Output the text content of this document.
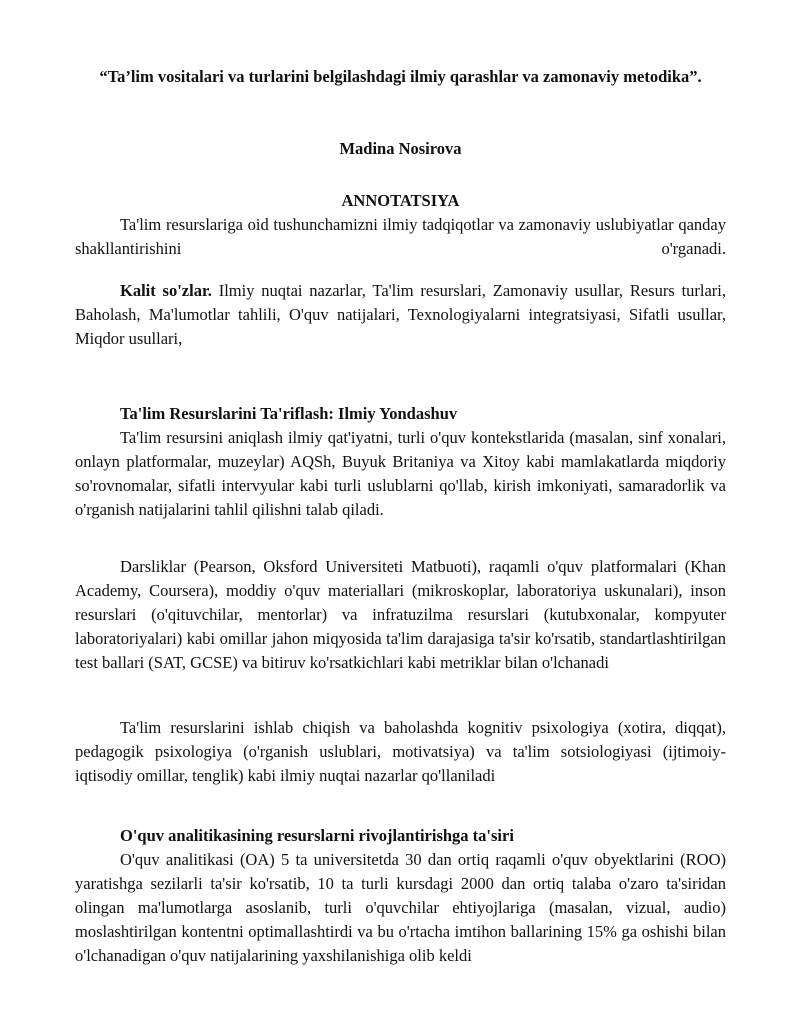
“Ta’lim vositalari va turlarini belgilashdagi ilmiy qarashlar va zamonaviy metodika”.
Madina Nosirova
ANNOTATSIYA

Ta'lim resurslariga oid tushunchamizni ilmiy tadqiqotlar va zamonaviy uslubiyatlar qanday shakllantirishini o'rganadi.

Kalit so'zlar. Ilmiy nuqtai nazarlar, Ta'lim resurslari, Zamonaviy usullar, Resurs turlari, Baholash, Ma'lumotlar tahlili, O'quv natijalari, Texnologiyalarni integratsiyasi, Sifatli usullar, Miqdor usullari,

Ta'lim Resurslarini Ta'riflash: Ilmiy Yondashuv

Ta'lim resursini aniqlash ilmiy qat'iyatni, turli o'quv kontekstlarida (masalan, sinf xonalari, onlayn platformalar, muzeylar) AQSh, Buyuk Britaniya va Xitoy kabi mamlakatlarda miqdoriy so'rovnomalar, sifatli intervyular kabi turli uslublarni qo'llab, kirish imkoniyati, samaradorlik va o'rganish natijalarini tahlil qilishni talab qiladi.

Darsliklar (Pearson, Oksford Universiteti Matbuoti), raqamli o'quv platformalari (Khan Academy, Coursera), moddiy o'quv materiallari (mikroskoplar, laboratoriya uskunalari), inson resurslari (o'qituvchilar, mentorlar) va infratuzilma resurslari (kutubxonalar, kompyuter laboratoriyalari) kabi omillar jahon miqyosida ta'lim darajasiga ta'sir ko'rsatib, standartlashtirilgan test ballari (SAT, GCSE) va bitiruv ko'rsatkichlari kabi metriklar bilan o'lchanadi

Ta'lim resurslarini ishlab chiqish va baholashda kognitiv psixologiya (xotira, diqqat), pedagogik psixologiya (o'rganish uslublari, motivatsiya) va ta'lim sotsiologiyasi (ijtimoiy-iqtisodiy omillar, tenglik) kabi ilmiy nuqtai nazarlar qo'llaniladi

O'quv analitikasining resurslarni rivojlantirishga ta'siri

O'quv analitikasi (OA) 5 ta universitetda 30 dan ortiq raqamli o'quv obyektlarini (ROO) yaratishga sezilarli ta'sir ko'rsatib, 10 ta turli kursdagi 2000 dan ortiq talaba o'zaro ta'siridan olingan ma'lumotlarga asoslanib, turli o'quvchilar ehtiyojlariga (masalan, vizual, audio) moslashtirilgan kontentni optimallashtirdi va bu o'rtacha imtihon ballarining 15% ga oshishi bilan o'lchanadigan o'quv natijalarining yaxshilanishiga olib keldi
